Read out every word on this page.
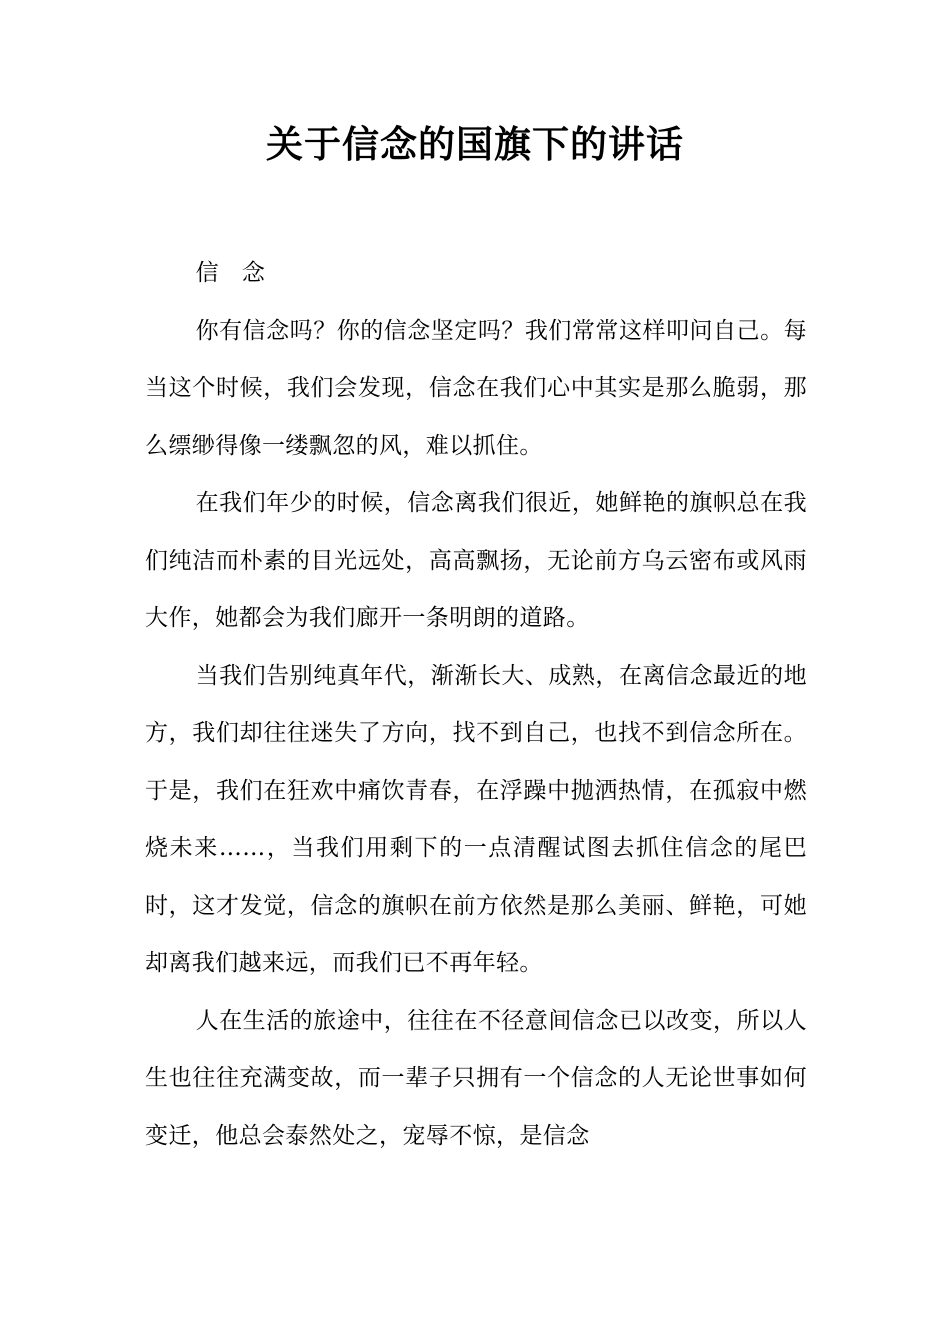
关于信念的国旗下的讲话

信 念

你有信念吗？你的信念坚定吗？我们常常这样叩问自己。每当这个时候，我们会发现，信念在我们心中其实是那么脆弱，那么缥缈得像一缕飘忽的风，难以抓住。

在我们年少的时候，信念离我们很近，她鲜艳的旗帜总在我们纯洁而朴素的目光远处，高高飘扬，无论前方乌云密布或风雨大作，她都会为我们廊开一条明朗的道路。

当我们告别纯真年代，渐渐长大、成熟，在离信念最近的地方，我们却往往迷失了方向，找不到自己，也找不到信念所在。于是，我们在狂欢中痛饮青春，在浮躁中抛洒热情，在孤寂中燃烧未来……，当我们用剩下的一点清醒试图去抓住信念的尾巴时，这才发觉，信念的旗帜在前方依然是那么美丽、鲜艳，可她却离我们越来远，而我们已不再年轻。

人在生活的旅途中，往往在不径意间信念已以改变，所以人生也往往充满变故，而一辈子只拥有一个信念的人无论世事如何变迁，他总会泰然处之，宠辱不惊，是信念
